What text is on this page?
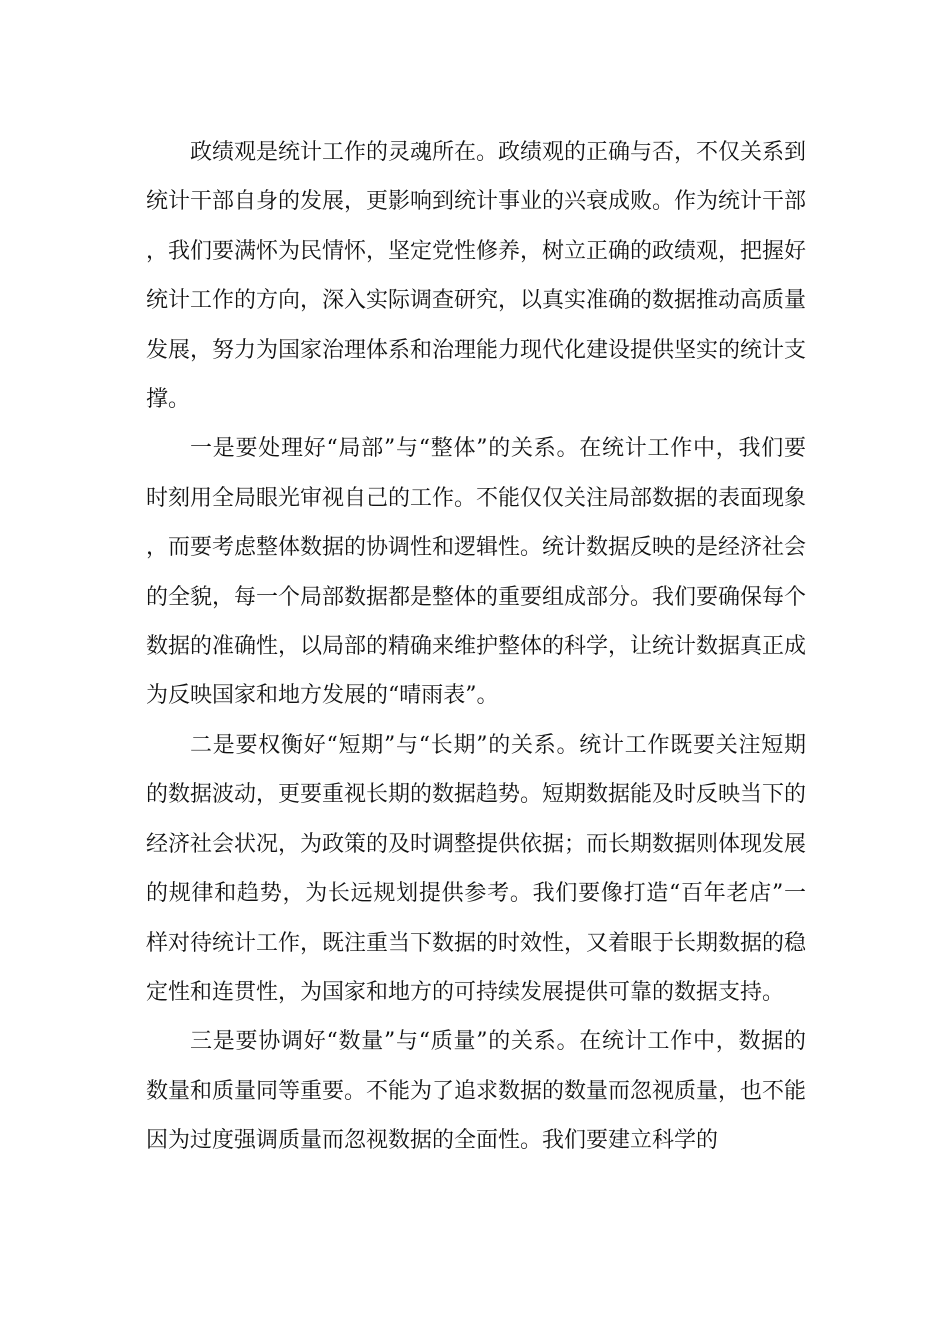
政绩观是统计工作的灵魂所在。政绩观的正确与否，不仅关系到统计干部自身的发展，更影响到统计事业的兴衰成败。作为统计干部，我们要满怀为民情怀，坚定党性修养，树立正确的政绩观，把握好统计工作的方向，深入实际调查研究，以真实准确的数据推动高质量发展，努力为国家治理体系和治理能力现代化建设提供坚实的统计支撑。

一是要处理好“局部”与“整体”的关系。在统计工作中，我们要时刻用全局眼光审视自己的工作。不能仅仅关注局部数据的表面现象，而要考虑整体数据的协调性和逻辑性。统计数据反映的是经济社会的全貌，每一个局部数据都是整体的重要组成部分。我们要确保每个数据的准确性，以局部的精确来维护整体的科学，让统计数据真正成为反映国家和地方发展的“晴雨表”。

二是要权衡好“短期”与“长期”的关系。统计工作既要关注短期的数据波动，更要重视长期的数据趋势。短期数据能及时反映当下的经济社会状况，为政策的及时调整提供依据；而长期数据则体现发展的规律和趋势，为长远规划提供参考。我们要像打造“百年老店”一样对待统计工作，既注重当下数据的时效性，又着眼于长期数据的稳定性和连贯性，为国家和地方的可持续发展提供可靠的数据支持。

三是要协调好“数量”与“质量”的关系。在统计工作中，数据的数量和质量同等重要。不能为了追求数据的数量而忽视质量，也不能因为过度强调质量而忽视数据的全面性。我们要建立科学的
